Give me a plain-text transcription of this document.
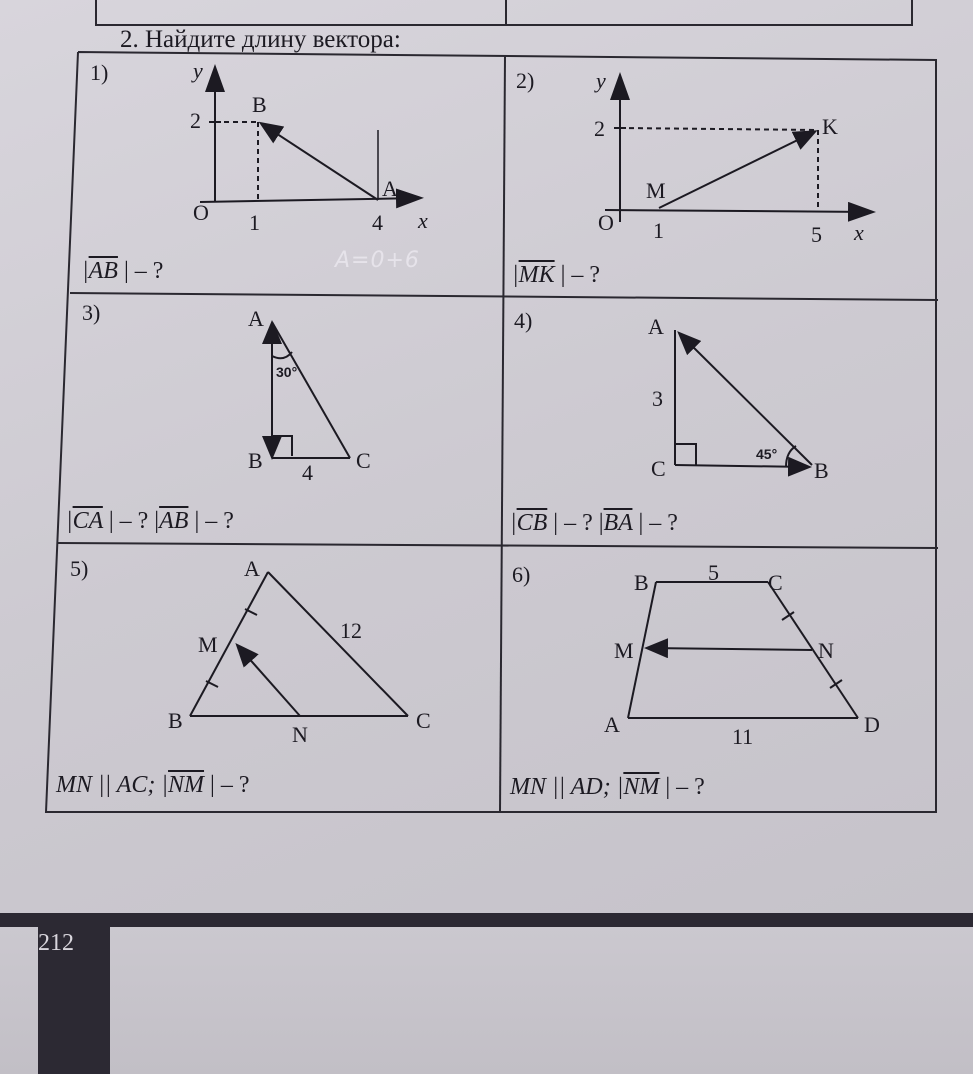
2. Найдите длину вектора:
1)	y
2
B
O 1	4
A
x
A=0+6
$|\overline{AB}$ | – ?
2)	y
2	K
M
O 1	5 x
$|\overline{MK}$ | – ?
3)	A
30°
B 4 C
$|\overline{CA}$ | – ? $|\overline{AB}$ | – ?
4)	A
3
C
45°
B
$|\overline{CB}$ | – ? $|\overline{BA}$ | – ?
5)	A
12
M
B
N
C
MN || AC; $|\overline{NM}$ | – ?
6)	B	5 C
M	N
A	11	D
MN || AD; $|\overline{NM}$ | – ?
212
